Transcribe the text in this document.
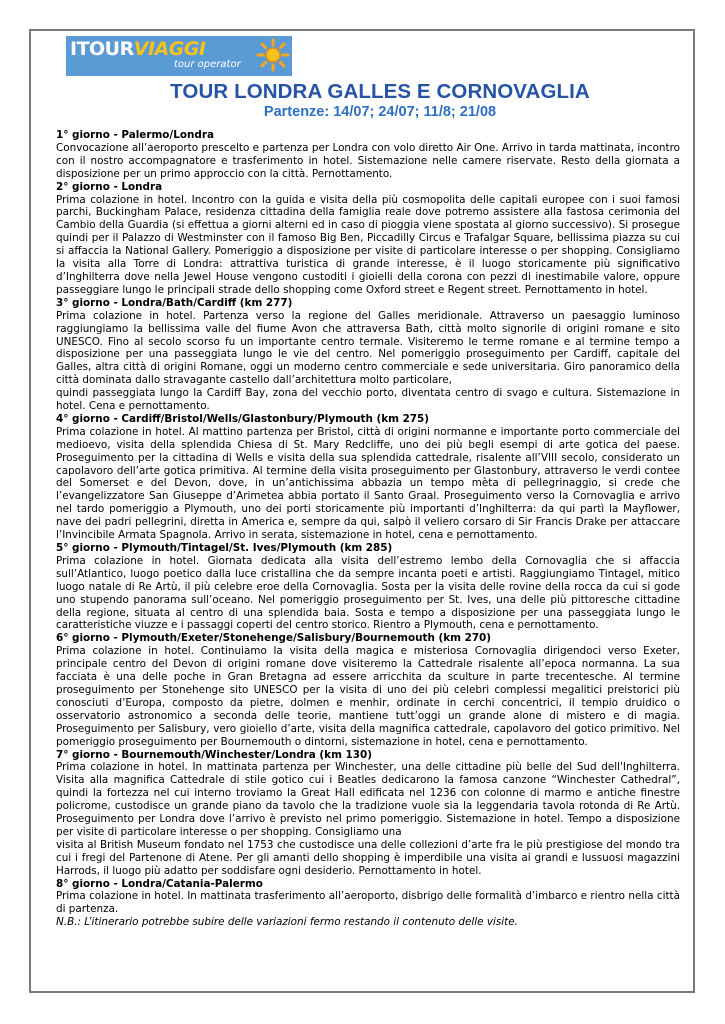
ITOURVIAGGI
tour operator
TOUR LONDRA GALLES E CORNOVAGLIA
Partenze: 14/07; 24/07; 11/8; 21/08

1° giorno - Palermo/Londra

Convocazione all’aeroporto prescelto e partenza per Londra con volo diretto Air One. Arrivo in tarda mattinata, incontro con il nostro accompagnatore e trasferimento in hotel. Sistemazione nelle camere riservate. Resto della giornata a disposizione per un primo approccio con la città. Pernottamento.

2° giorno - Londra

Prima colazione in hotel. Incontro con la guida e visita della più cosmopolita delle capitali europee con i suoi famosi parchi, Buckingham Palace, residenza cittadina della famiglia reale dove potremo assistere alla fastosa cerimonia del Cambio della Guardia (si effettua a giorni alterni ed in caso di pioggia viene spostata al giorno successivo). Si prosegue quindi per il Palazzo di Westminster con il famoso Big Ben, Piccadilly Circus e Trafalgar Square, bellissima piazza su cui si affaccia la National Gallery. Pomeriggio a disposizione per visite di particolare interesse o per shopping. Consigliamo la visita alla Torre di Londra: attrattiva turistica di grande interesse, è il luogo storicamente più significativo d’Inghilterra dove nella Jewel House vengono custoditi i gioielli della corona con pezzi di inestimabile valore, oppure passeggiare lungo le principali strade dello shopping come Oxford street e Regent street. Pernottamento in hotel.

3° giorno - Londra/Bath/Cardiff (km 277)

Prima colazione in hotel. Partenza verso la regione del Galles meridionale. Attraverso un paesaggio luminoso raggiungiamo la bellissima valle del fiume Avon che attraversa Bath, città molto signorile di origini romane e sito UNESCO. Fino al secolo scorso fu un importante centro termale. Visiteremo le terme romane e al termine tempo a disposizione per una passeggiata lungo le vie del centro. Nel pomeriggio proseguimento per Cardiff, capitale del Galles, altra città di origini Romane, oggi un moderno centro commerciale e sede universitaria. Giro panoramico della città dominata dallo stravagante castello dall’architettura molto particolare,

quindi passeggiata lungo la Cardiff Bay, zona del vecchio porto, diventata centro di svago e cultura. Sistemazione in hotel. Cena e pernottamento.

4° giorno - Cardiff/Bristol/Wells/Glastonbury/Plymouth (km 275)

Prima colazione in hotel. Al mattino partenza per Bristol, città di origini normanne e importante porto commerciale del medioevo, visita della splendida Chiesa di St. Mary Redcliffe, uno dei più begli esempi di arte gotica del paese. Proseguimento per la cittadina di Wells e visita della sua splendida cattedrale, risalente all’VIII secolo, considerato un capolavoro dell’arte gotica primitiva. Al termine della visita proseguimento per Glastonbury, attraverso le verdi contee del Somerset e del Devon, dove, in un’antichissima abbazia un tempo mèta di pellegrinaggio, si crede che l’evangelizzatore San Giuseppe d’Arimetea abbia portato il Santo Graal. Proseguimento verso la Cornovaglia e arrivo nel tardo pomeriggio a Plymouth, uno dei porti storicamente più importanti d’Inghilterra: da qui partì la Mayflower, nave dei padri pellegrini, diretta in America e, sempre da qui, salpò il veliero corsaro di Sir Francis Drake per attaccare l’Invincibile Armata Spagnola. Arrivo in serata, sistemazione in hotel, cena e pernottamento.

5° giorno - Plymouth/Tintagel/St. Ives/Plymouth (km 285)

Prima colazione in hotel. Giornata dedicata alla visita dell’estremo lembo della Cornovaglia che si affaccia sull’Atlantico, luogo poetico dalla luce cristallina che da sempre incanta poeti e artisti. Raggiungiamo Tintagel, mitico luogo natale di Re Artù, il più celebre eroe della Cornovaglia. Sosta per la visita delle rovine della rocca da cui si gode uno stupendo panorama sull’oceano. Nel pomeriggio proseguimento per St. Ives, una delle più pittoresche cittadine della regione, situata al centro di una splendida baia. Sosta e tempo a disposizione per una passeggiata lungo le caratteristiche viuzze e i passaggi coperti del centro storico. Rientro a Plymouth, cena e pernottamento.

6° giorno - Plymouth/Exeter/Stonehenge/Salisbury/Bournemouth (km 270)

Prima colazione in hotel. Continuiamo la visita della magica e misteriosa Cornovaglia dirigendoci verso Exeter, principale centro del Devon di origini romane dove visiteremo la Cattedrale risalente all’epoca normanna. La sua facciata è una delle poche in Gran Bretagna ad essere arricchita da sculture in parte trecentesche. Al termine proseguimento per Stonehenge sito UNESCO per la visita di uno dei più celebri complessi megalitici preistorici più conosciuti d’Europa, composto da pietre, dolmen e menhir, ordinate in cerchi concentrici, il tempio druidico o osservatorio astronomico a seconda delle teorie, mantiene tutt’oggi un grande alone di mistero e di magia. Proseguimento per Salisbury, vero gioiello d’arte, visita della magnifica cattedrale, capolavoro del gotico primitivo. Nel pomeriggio proseguimento per Bournemouth o dintorni, sistemazione in hotel, cena e pernottamento.

7° giorno - Bournemouth/Winchester/Londra (km 130)

Prima colazione in hotel. In mattinata partenza per Winchester, una delle cittadine più belle del Sud dell'Inghilterra. Visita alla magnifica Cattedrale di stile gotico cui i Beatles dedicarono la famosa canzone “Winchester Cathedral”, quindi la fortezza nel cui interno troviamo la Great Hall edificata nel 1236 con colonne di marmo e antiche finestre policrome, custodisce un grande piano da tavolo che la tradizione vuole sia la leggendaria tavola rotonda di Re Artù. Proseguimento per Londra dove l’arrivo è previsto nel primo pomeriggio. Sistemazione in hotel. Tempo a disposizione per visite di particolare interesse o per shopping. Consigliamo una

visita al British Museum fondato nel 1753 che custodisce una delle collezioni d’arte fra le più prestigiose del mondo tra cui i fregi del Partenone di Atene. Per gli amanti dello shopping è imperdibile una visita ai grandi e lussuosi magazzini Harrods, il luogo più adatto per soddisfare ogni desiderio. Pernottamento in hotel.

8° giorno - Londra/Catania-Palermo

Prima colazione in hotel. In mattinata trasferimento all’aeroporto, disbrigo delle formalità d’imbarco e rientro nella città di partenza.

N.B.: L’itinerario potrebbe subire delle variazioni fermo restando il contenuto delle visite.
